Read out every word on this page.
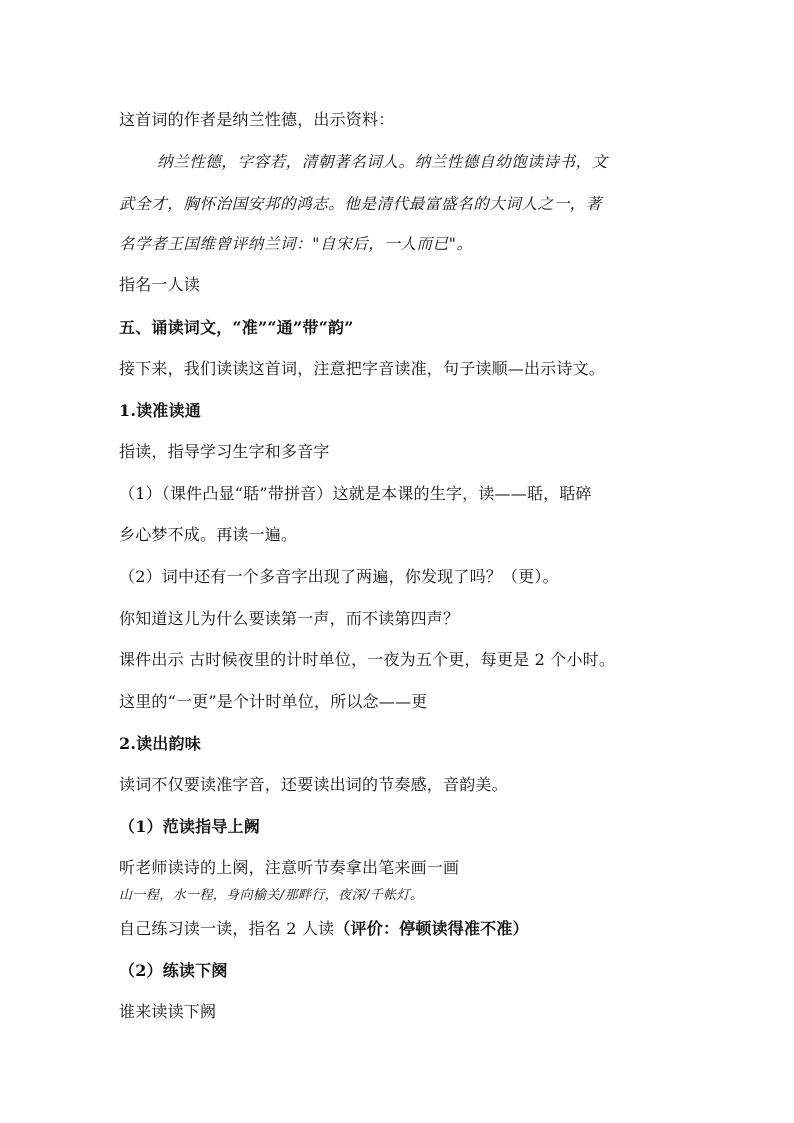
这首词的作者是纳兰性德，出示资料：
纳兰性德，字容若，清朝著名词人。纳兰性德自幼饱读诗书，文
武全才，胸怀治国安邦的鸿志。他是清代最富盛名的大词人之一，著
名学者王国维曾评纳兰词："自宋后，一人而已"。
指名一人读
五、诵读词文，“准”“通”带“韵”
接下来，我们读读这首词，注意把字音读准，句子读顺—出示诗文。
1.读准读通
指读，指导学习生字和多音字
（1）（课件凸显“聒”带拼音）这就是本课的生字，读——聒，聒碎
乡心梦不成。再读一遍。
（2）词中还有一个多音字出现了两遍，你发现了吗？（更）。
你知道这儿为什么要读第一声，而不读第四声？
课件出示 古时候夜里的计时单位，一夜为五个更，每更是 2 个小时。
这里的“一更”是个计时单位，所以念——更
2.读出韵味
读词不仅要读准字音，还要读出词的节奏感，音韵美。
（1）范读指导上阙
听老师读诗的上阕，注意听节奏拿出笔来画一画
山一程，水一程，身向榆关/那畔行，夜深/千帐灯。
自己练习读一读，指名 2 人读（评价：停顿读得准不准）
（2）练读下阕
谁来读读下阙
